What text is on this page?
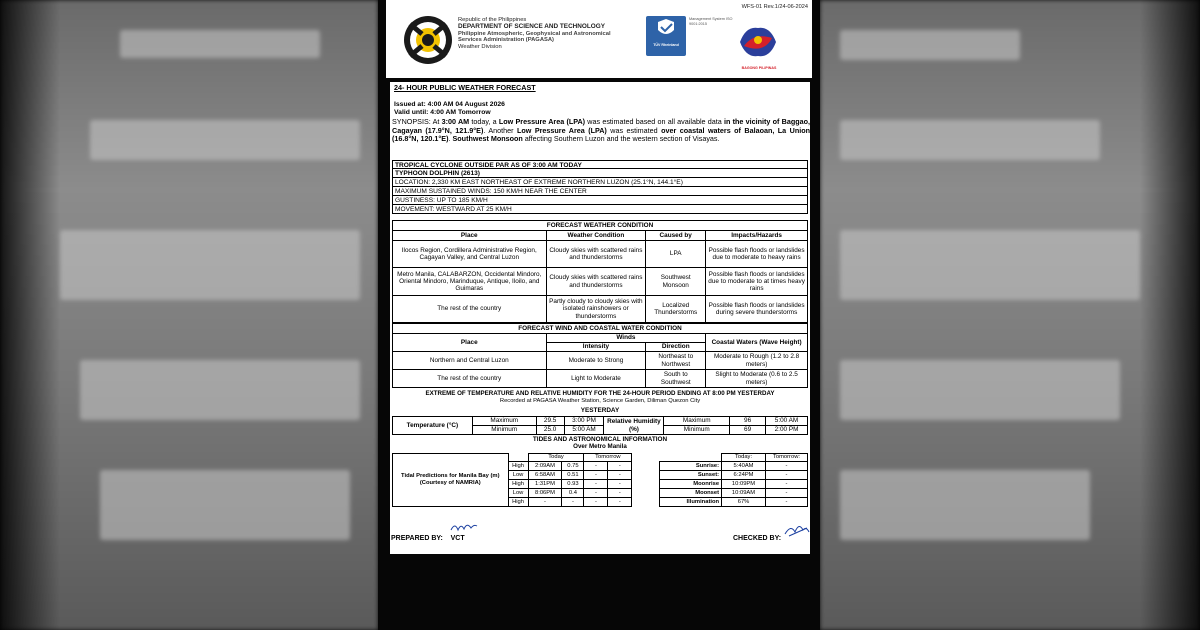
Republic of the Philippines
DEPARTMENT OF SCIENCE AND TECHNOLOGY
Philippine Atmospheric, Geophysical and Astronomical
Services Administration (PAGASA)
Weather Division	TÜV Rheinland
Management System ISO 9001:2015
BAGONG PILIPINAS
WFS-01 Rev.1/24-06-2024
24- HOUR PUBLIC WEATHER FORECAST
Issued at: 4:00 AM 04 August 2026
Valid until: 4:00 AM Tomorrow
SYNOPSIS: At 3:00 AM today, a Low Pressure Area (LPA) was estimated based on all available data in the vicinity of Baggao, Cagayan (17.9°N, 121.9°E). Another Low Pressure Area (LPA) was estimated over coastal waters of Balaoan, La Union (16.8°N, 120.1°E). Southwest Monsoon affecting Southern Luzon and the western section of Visayas.
TROPICAL CYCLONE OUTSIDE PAR AS OF 3:00 AM TODAY
TYPHOON DOLPHIN (2613)
LOCATION: 2,330 KM EAST NORTHEAST OF EXTREME NORTHERN LUZON (25.1°N, 144.1°E)
MAXIMUM SUSTAINED WINDS: 150 KM/H NEAR THE CENTER
GUSTINESS: UP TO 185 KM/H
MOVEMENT: WESTWARD AT 25 KM/H
FORECAST WEATHER CONDITION			
Place	Weather Condition	Caused by	Impacts/Hazards
Ilocos Region, Cordillera Administrative Region, Cagayan Valley, and Central Luzon	Cloudy skies with scattered rains and thunderstorms	LPA	Possible flash floods or landslides due to moderate to heavy rains
Metro Manila, CALABARZON, Occidental Mindoro, Oriental Mindoro, Marinduque, Antique, Iloilo, and Guimaras	Cloudy skies with scattered rains and thunderstorms	Southwest Monsoon	Possible flash floods or landslides due to moderate to at times heavy rains
The rest of the country	Partly cloudy to cloudy skies with isolated rainshowers or thunderstorms	Localized Thunderstorms	Possible flash floods or landslides during severe thunderstorms
FORECAST WIND AND COASTAL WATER CONDITION			
Place	Winds		Coastal Waters (Wave Height)
	Intensity	Direction	
Northern and Central Luzon	Moderate to Strong	Northeast to Northwest	Moderate to Rough (1.2 to 2.8 meters)
The rest of the country	Light to Moderate	South to Southwest	Slight to Moderate (0.6 to 2.5 meters)
EXTREME OF TEMPERATURE AND RELATIVE HUMIDITY FOR THE 24-HOUR PERIOD ENDING AT 8:00 PM YESTERDAY
Recorded at PAGASA Weather Station, Science Garden, Diliman Quezon City
YESTERDAY
Temperature (°C)	Maximum	29.5	3:00 PM	Relative Humidity (%)	Maximum	96	5:00 AM
	Minimum	25.0	5:00 AM		Minimum	69	2:00 PM
TIDES AND ASTRONOMICAL INFORMATION
Over Metro Manila
Tidal Predictions for Manila Bay (m) (Courtesy of NAMRIA)		Today		Tomorrow				Today:	Tomorrow:
	High	2:09AM	0.75	-	-		Sunrise:	5:40AM	-
	Low	6:58AM	0.51	-	-		Sunset:	6:24PM	-
	High	1:31PM	0.93	-	-		Moonrise	10:09PM	-
	Low	8:06PM	0.4	-	-		Moonset	10:09AM	-
	High	-	-	-	-		Illumination	67%	-
PREPARED BY: VCT	CHECKED BY:
